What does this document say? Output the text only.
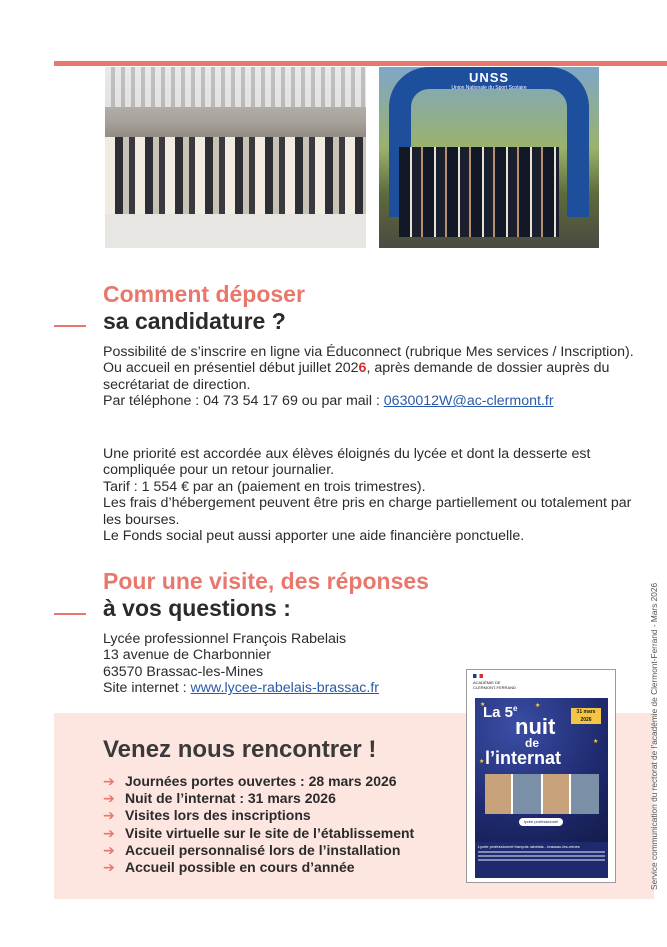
UNSS
Union Nationale du Sport Scolaire
Comment déposer
sa candidature ?

Possibilité de s’inscrire en ligne via Éduconnect (rubrique Mes services / Inscription).

Ou accueil en présentiel début juillet 2026, après demande de dossier auprès du secrétariat de direction.

Par téléphone : 04 73 54 17 69 ou par mail : 0630012W@ac-clermont.fr

Une priorité est accordée aux élèves éloignés du lycée et dont la desserte est compliquée pour un retour journalier.

Tarif : 1 554 € par an (paiement en trois trimestres).

Les frais d’hébergement peuvent être pris en charge partiellement ou totalement par les bourses.

Le Fonds social peut aussi apporter une aide financière ponctuelle.

Pour une visite, des réponses
à vos questions :

Lycée professionnel François Rabelais

13 avenue de Charbonnier

63570 Brassac-les-Mines

Site internet : www.lycee-rabelais-brassac.fr

Venez nous rencontrer !
➔ Journées portes ouvertes : 28 mars 2026
➔ Nuit de l’internat : 31 mars 2026
➔ Visites lors des inscriptions
➔ Visite virtuelle sur le site de l’établissement
➔ Accueil personnalisé lors de l’installation
➔ Accueil possible en cours d’année
ACADÉMIE DE CLERMONT-FERRAND
★	★
★
★
La 5e	31 mars 2026
nuit
de
l’internat
lycée professionnel françois rabelais
Lycée professionnel françois rabelais - brassac-les-mines	Service communication du rectorat de l’académie de Clermont-Ferrand - Mars 2026
